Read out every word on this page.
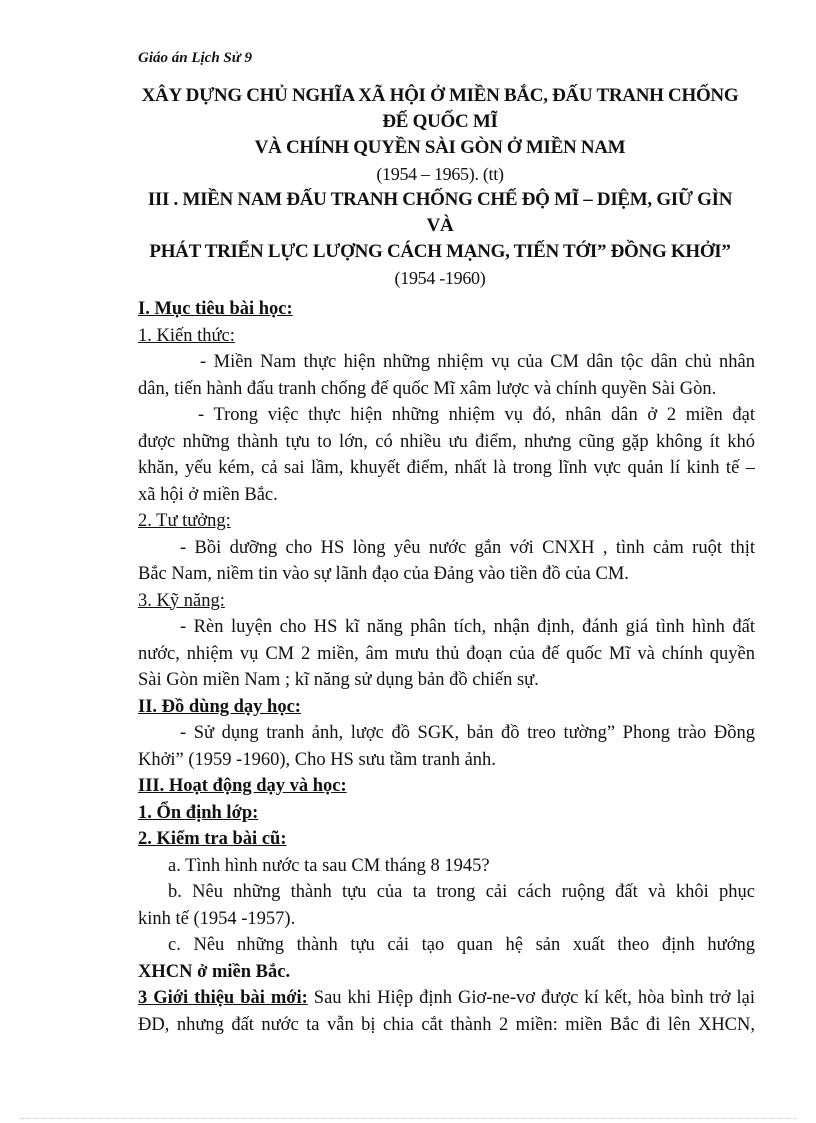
Giáo án Lịch Sử 9

XÂY DỰNG CHỦ NGHĨA XÃ HỘI Ở MIỀN BẮC, ĐẤU TRANH CHỐNG

ĐẾ QUỐC MĨ

VÀ CHÍNH QUYỀN SÀI GÒN Ở MIỀN NAM

(1954 – 1965). (tt)

III . MIỀN NAM ĐẤU TRANH CHỐNG CHẾ ĐỘ MĨ – DIỆM, GIỮ GÌN

VÀ

PHÁT TRIỂN LỰC LƯỢNG CÁCH MẠNG, TIẾN TỚI” ĐỒNG KHỞI”

(1954 -1960)

I. Mục tiêu bài học:
1. Kiến thức:
- Miền Nam thực hiện những nhiệm vụ của CM dân tộc dân chủ nhân
dân, tiến hành đấu tranh chống đế quốc Mĩ xâm lược và chính quyền Sài Gòn.
- Trong việc thực hiện những nhiệm vụ đó, nhân dân ở 2 miền đạt
được những thành tựu to lớn, có nhiều ưu điểm, nhưng cũng gặp không ít khó
khăn, yếu kém, cả sai lầm, khuyết điểm, nhất là trong lĩnh vực quản lí kinh tế –
xã hội ở miền Bắc.
2. Tư tưởng:
- Bồi dưỡng cho HS lòng yêu nước gắn với CNXH , tình cảm ruột thịt
Bắc Nam, niềm tin vào sự lãnh đạo của Đảng vào tiền đồ của CM.
3. Kỹ năng:
- Rèn luyện cho HS kĩ năng phân tích, nhận định, đánh giá tình hình đất
nước, nhiệm vụ CM 2 miền, âm mưu thủ đoạn của đế quốc Mĩ và chính quyền
Sài Gòn miền Nam ; kĩ năng sử dụng bản đồ chiến sự.
II. Đồ dùng dạy học:
- Sử dụng tranh ảnh, lược đồ SGK, bản đồ treo tường” Phong trào Đồng
Khởi” (1959 -1960), Cho HS sưu tầm tranh ảnh.
III. Hoạt động dạy và học:
1. Ổn định lớp:
2. Kiểm tra bài cũ:
a. Tình hình nước ta sau CM tháng 8 1945?
b. Nêu những thành tựu của ta trong cải cách ruộng đất và khôi phục
kinh tế (1954 -1957).
c. Nêu những thành tựu cải tạo quan hệ sản xuất theo định hướng
XHCN ở miền Bắc.
3 Giới thiệu bài mới: Sau khi Hiệp định Giơ-ne-vơ được kí kết, hòa bình trở lại
ĐD, nhưng đất nước ta vẫn bị chia cắt thành 2 miền: miền Bắc đi lên XHCN,
